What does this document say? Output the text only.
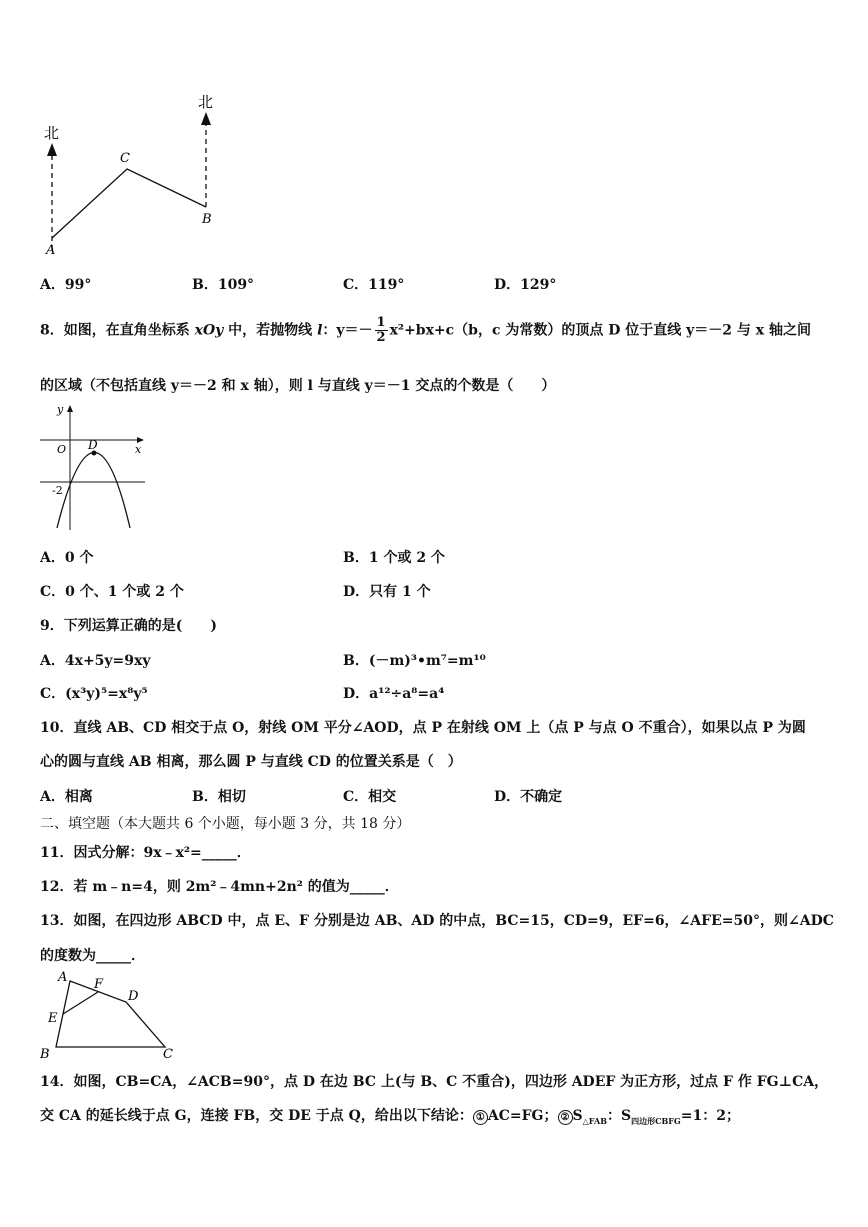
北
北
A
C
B
A．99°	B．109°	C．119°	D．129°
8．如图，在直角坐标系 xOy 中，若抛物线 l：$y=- \frac{1}{2} x^2+bx+c(b$，c 为常数）的顶点 D 位于直线 y＝－2 与 x 轴之间
的区域（不包括直线 y＝－2 和 x 轴），则 l 与直线 y＝－1 交点的个数是（　　）
y
x
O
-2
D
A．0 个	B．1 个或 2 个
C．0 个、1 个或 2 个	D．只有 1 个
9．下列运算正确的是(　　)
A．4x+5y=9xy	B．(－m)³•m⁷=m¹⁰
C．(x³y)⁵=x⁸y⁵	D．a¹²÷a⁸=a⁴
10．直线 AB、CD 相交于点 O，射线 OM 平分∠AOD，点 P 在射线 OM 上（点 P 与点 O 不重合），如果以点 P 为圆
心的圆与直线 AB 相离，那么圆 P 与直线 CD 的位置关系是（　）
A．相离	B．相切	C．相交	D．不确定
二、填空题（本大题共 6 个小题，每小题 3 分，共 18 分）
11．因式分解：9x﹣x²=_____．
12．若 m﹣n=4，则 2m²﹣4mn+2n² 的值为_____．
13．如图，在四边形 ABCD 中，点 E、F 分别是边 AB、AD 的中点，BC=15，CD=9，EF=6，∠AFE=50°，则∠ADC
的度数为_____．
A F
D
E
B	C
14．如图，CB=CA，∠ACB=90°，点 D 在边 BC 上(与 B、C 不重合)，四边形 ADEF 为正方形，过点 F 作 FG⊥CA，
交 CA 的延长线于点 G，连接 FB，交 DE 于点 Q，给出以下结论： ① AC=FG； ② $S_{\triangle FAB}$：$S_{四边形CBFG}=1$：2；
